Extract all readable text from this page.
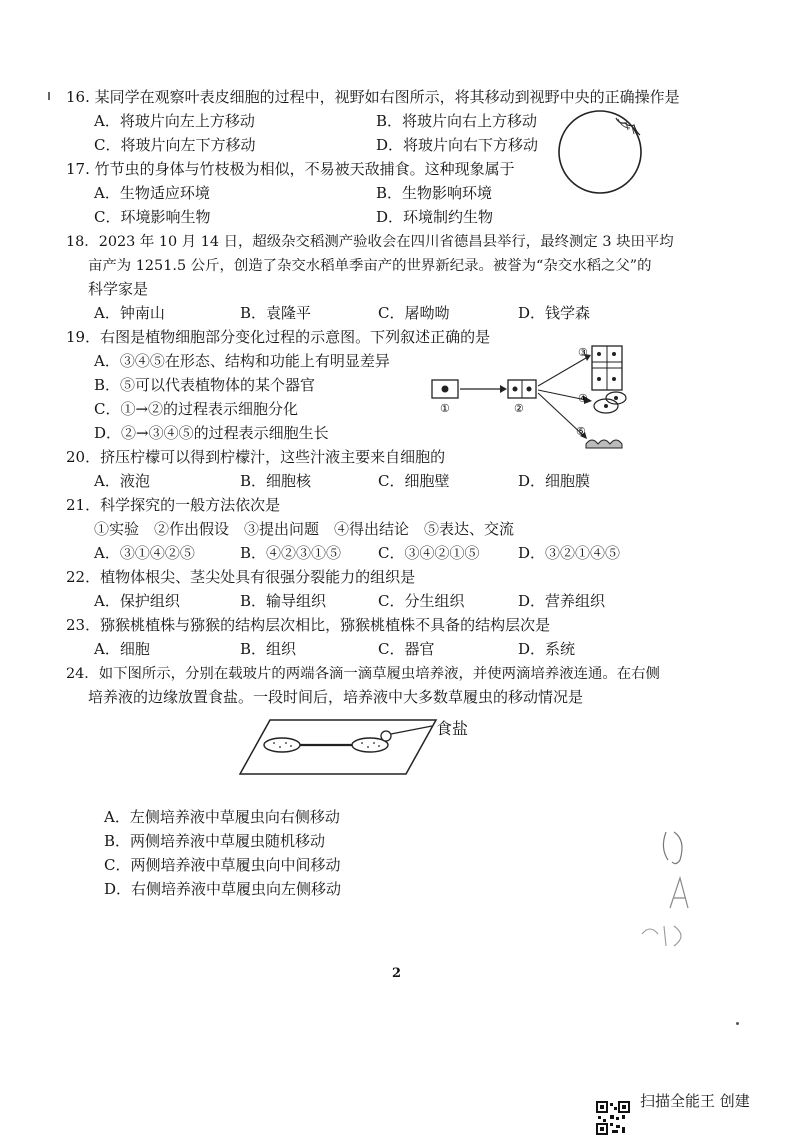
16. 某同学在观察叶表皮细胞的过程中，视野如右图所示，将其移动到视野中央的正确操作是
A．将玻片向左上方移动	B．将玻片向右上方移动
C．将玻片向左下方移动	D．将玻片向右下方移动
17. 竹节虫的身体与竹枝极为相似，不易被天敌捕食。这种现象属于
A．生物适应环境	B．生物影响环境
C．环境影响生物	D．环境制约生物
18．2023 年 10 月 14 日，超级杂交稻测产验收会在四川省德昌县举行，最终测定 3 块田平均
亩产为 1251.5 公斤，创造了杂交水稻单季亩产的世界新纪录。被誉为“杂交水稻之父”的
科学家是
A．钟南山	B．袁隆平	C．屠呦呦	D．钱学森
19．右图是植物细胞部分变化过程的示意图。下列叙述正确的是
A．③④⑤在形态、结构和功能上有明显差异
B．⑤可以代表植物体的某个器官
C．①→②的过程表示细胞分化
D．②→③④⑤的过程表示细胞生长
①	②
③
④
⑤
20．挤压柠檬可以得到柠檬汁，这些汁液主要来自细胞的
A．液泡	B．细胞核	C．细胞壁	D．细胞膜
21．科学探究的一般方法依次是
①实验　②作出假设　③提出问题　④得出结论　⑤表达、交流
A．③①④②⑤	B．④②③①⑤ C．③④②①⑤	D．③②①④⑤
22．植物体根尖、茎尖处具有很强分裂能力的组织是
A．保护组织	B．输导组织	C．分生组织	D．营养组织
23．猕猴桃植株与猕猴的结构层次相比，猕猴桃植株不具备的结构层次是
A．细胞	B．组织	C．器官	D．系统
24．如下图所示，分别在载玻片的两端各滴一滴草履虫培养液，并使两滴培养液连通。在右侧
培养液的边缘放置食盐。一段时间后，培养液中大多数草履虫的移动情况是
食盐
A．左侧培养液中草履虫向右侧移动
B．两侧培养液中草履虫随机移动
C．两侧培养液中草履虫向中间移动
D．右侧培养液中草履虫向左侧移动
2
扫描全能王 创建
